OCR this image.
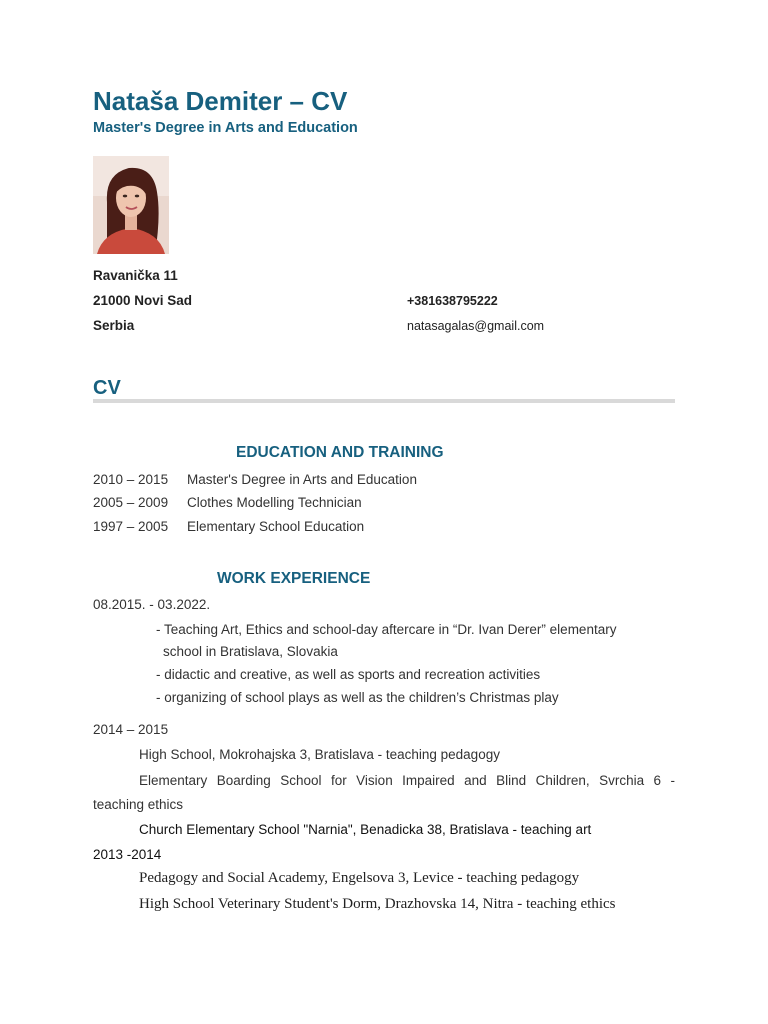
Nataša Demiter – CV
Master's Degree in Arts and Education
Ravanička 11
21000 Novi Sad
Serbia
+381638795222
natasagalas@gmail.com
CV
EDUCATION AND TRAINING
2010 – 2015 Master's Degree in Arts and Education
2005 – 2009 Clothes Modelling Technician
1997 – 2005 Elementary School Education
WORK EXPERIENCE
08.2015. - 03.2022.
- Teaching Art, Ethics and school-day aftercare in “Dr. Ivan Derer” elementary
school in Bratislava, Slovakia
- didactic and creative, as well as sports and recreation activities
- organizing of school plays as well as the children’s Christmas play
2014 – 2015
High School, Mokrohajska 3, Bratislava - teaching pedagogy
Elementary Boarding School for Vision Impaired and Blind Children, Svrchia 6 -
teaching ethics
Church Elementary School "Narnia", Benadicka 38, Bratislava - teaching art
2013 -2014
Pedagogy and Social Academy, Engelsova 3, Levice - teaching pedagogy
High School Veterinary Student's Dorm, Drazhovska 14, Nitra - teaching ethics
